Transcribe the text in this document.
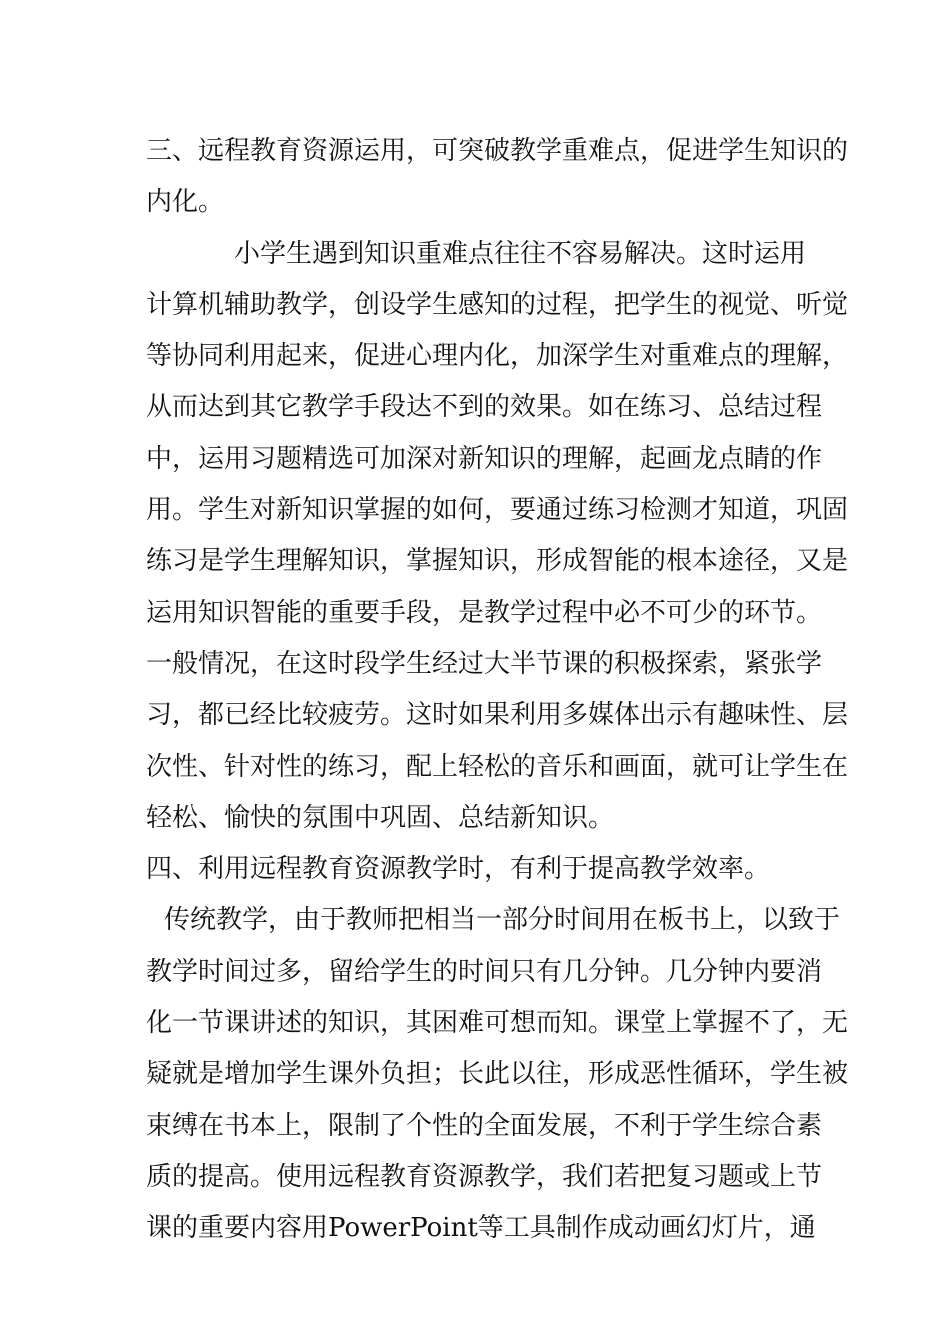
三、远程教育资源运用，可突破教学重难点，促进学生知识的
内化。
小学生遇到知识重难点往往不容易解决。这时运用
计算机辅助教学，创设学生感知的过程，把学生的视觉、听觉
等协同利用起来，促进心理内化，加深学生对重难点的理解，
从而达到其它教学手段达不到的效果。如在练习、总结过程
中，运用习题精选可加深对新知识的理解，起画龙点睛的作
用。学生对新知识掌握的如何，要通过练习检测才知道，巩固
练习是学生理解知识，掌握知识，形成智能的根本途径，又是
运用知识智能的重要手段，是教学过程中必不可少的环节。
一般情况，在这时段学生经过大半节课的积极探索，紧张学
习，都已经比较疲劳。这时如果利用多媒体出示有趣味性、层
次性、针对性的练习，配上轻松的音乐和画面，就可让学生在
轻松、愉快的氛围中巩固、总结新知识。
四、利用远程教育资源教学时，有利于提高教学效率。
传统教学，由于教师把相当一部分时间用在板书上，以致于
教学时间过多，留给学生的时间只有几分钟。几分钟内要消
化一节课讲述的知识，其困难可想而知。课堂上掌握不了，无
疑就是增加学生课外负担；长此以往，形成恶性循环，学生被
束缚在书本上，限制了个性的全面发展，不利于学生综合素
质的提高。使用远程教育资源教学，我们若把复习题或上节
课的重要内容用PowerPoint等工具制作成动画幻灯片，通
